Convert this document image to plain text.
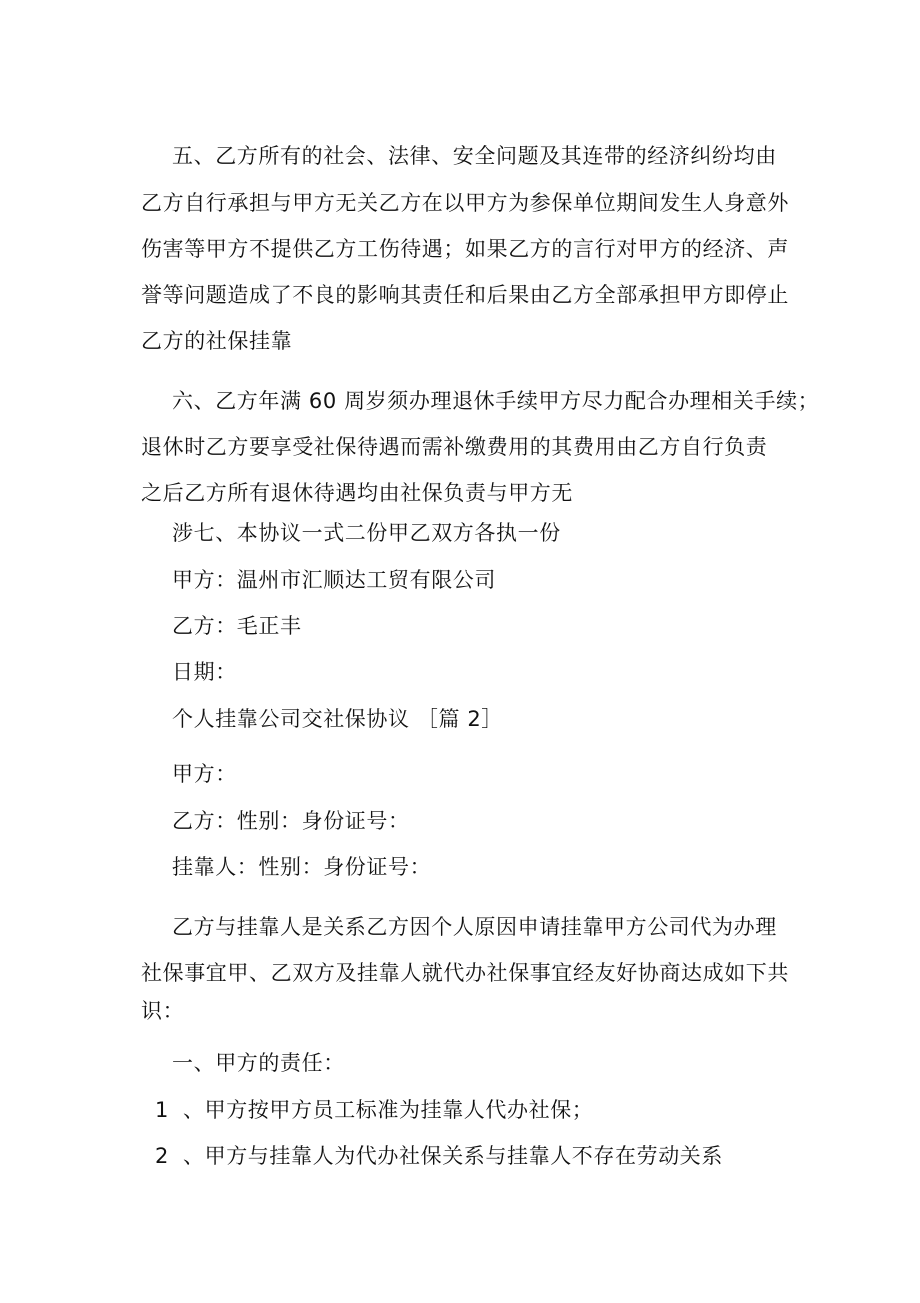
五、乙方所有的社会、法律、安全问题及其连带的经济纠纷均由
乙方自行承担与甲方无关乙方在以甲方为参保单位期间发生人身意外
伤害等甲方不提供乙方工伤待遇；如果乙方的言行对甲方的经济、声
誉等问题造成了不良的影响其责任和后果由乙方全部承担甲方即停止
乙方的社保挂靠
六、乙方年满 60 周岁须办理退休手续甲方尽力配合办理相关手续；
退休时乙方要享受社保待遇而需补缴费用的其费用由乙方自行负责
之后乙方所有退休待遇均由社保负责与甲方无
涉七、本协议一式二份甲乙双方各执一份
甲方：温州市汇顺达工贸有限公司
乙方：毛正丰
日期：
个人挂靠公司交社保协议 ［篇 2］
甲方：
乙方：性别：身份证号：
挂靠人：性别：身份证号：
乙方与挂靠人是关系乙方因个人原因申请挂靠甲方公司代为办理
社保事宜甲、乙双方及挂靠人就代办社保事宜经友好协商达成如下共
识：
一、甲方的责任：
1 、甲方按甲方员工标准为挂靠人代办社保；
2 、甲方与挂靠人为代办社保关系与挂靠人不存在劳动关系
